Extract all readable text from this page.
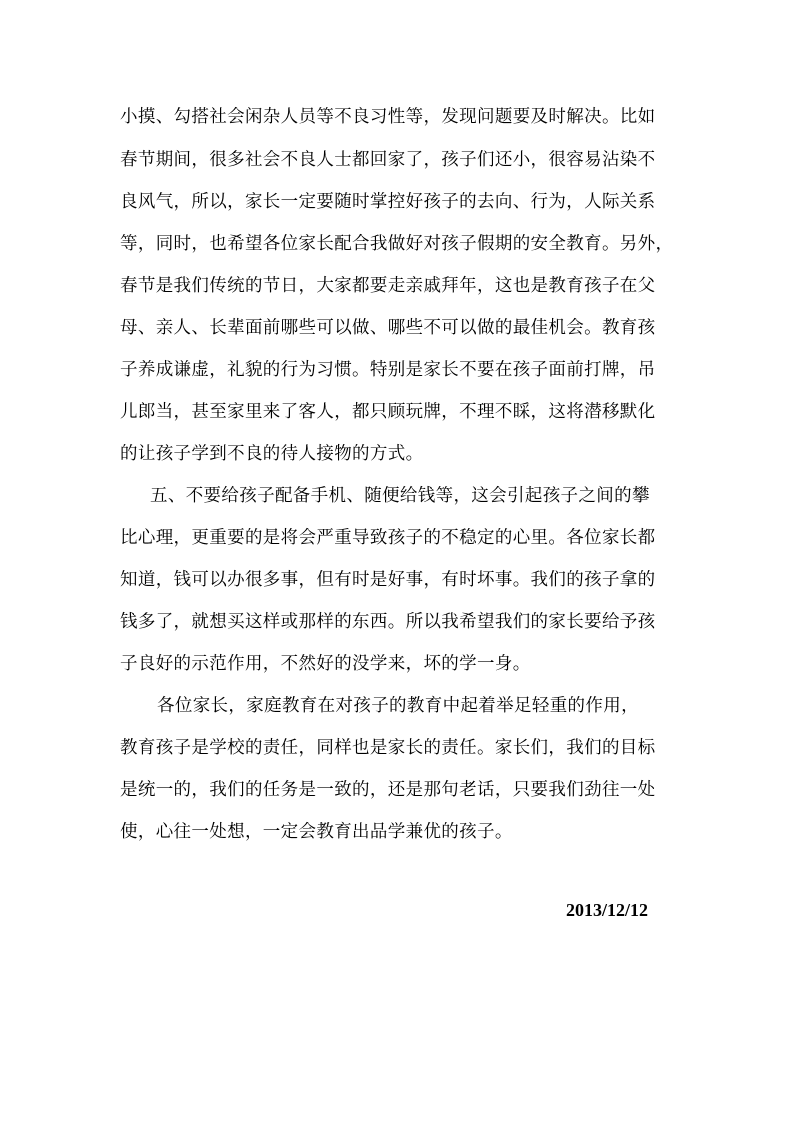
小摸、勾搭社会闲杂人员等不良习性等，发现问题要及时解决。比如
春节期间，很多社会不良人士都回家了，孩子们还小，很容易沾染不
良风气，所以，家长一定要随时掌控好孩子的去向、行为，人际关系
等，同时，也希望各位家长配合我做好对孩子假期的安全教育。另外，
春节是我们传统的节日，大家都要走亲戚拜年，这也是教育孩子在父
母、亲人、长辈面前哪些可以做、哪些不可以做的最佳机会。教育孩
子养成谦虚，礼貌的行为习惯。特别是家长不要在孩子面前打牌，吊
儿郎当，甚至家里来了客人，都只顾玩牌，不理不睬，这将潜移默化
的让孩子学到不良的待人接物的方式。
五、不要给孩子配备手机、随便给钱等，这会引起孩子之间的攀
比心理，更重要的是将会严重导致孩子的不稳定的心里。各位家长都
知道，钱可以办很多事，但有时是好事，有时坏事。我们的孩子拿的
钱多了，就想买这样或那样的东西。所以我希望我们的家长要给予孩
子良好的示范作用，不然好的没学来，坏的学一身。
各位家长，家庭教育在对孩子的教育中起着举足轻重的作用，
教育孩子是学校的责任，同样也是家长的责任。家长们，我们的目标
是统一的，我们的任务是一致的，还是那句老话，只要我们劲往一处
使，心往一处想，一定会教育出品学兼优的孩子。
2013/12/12
